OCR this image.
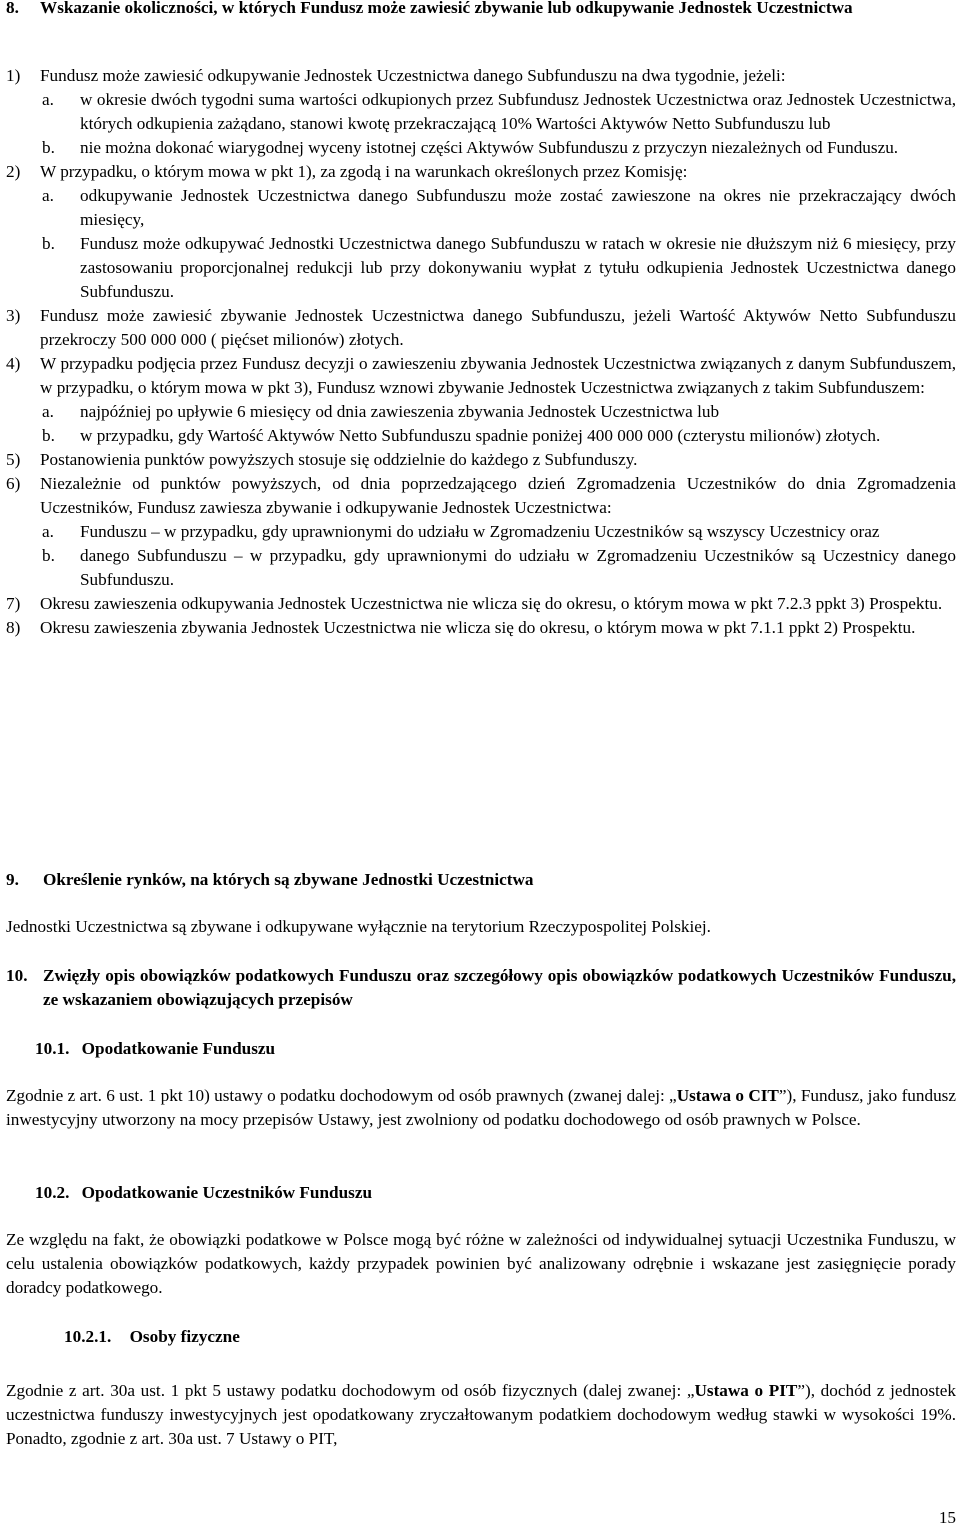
8.	Wskazanie okoliczności, w których Fundusz może zawiesić zbywanie lub odkupywanie Jednostek Uczestnictwa
1)	Fundusz może zawiesić odkupywanie Jednostek Uczestnictwa danego Subfunduszu na dwa tygodnie, jeżeli:
a.	w okresie dwóch tygodni suma wartości odkupionych przez Subfundusz Jednostek Uczestnictwa oraz Jednostek Uczestnictwa, których odkupienia zażądano, stanowi kwotę przekraczającą 10% Wartości Aktywów Netto Subfunduszu lub
b.	nie można dokonać wiarygodnej wyceny istotnej części Aktywów Subfunduszu z przyczyn niezależnych od Funduszu.
2)	W przypadku, o którym mowa w pkt 1), za zgodą i na warunkach określonych przez Komisję:
a.	odkupywanie Jednostek Uczestnictwa danego Subfunduszu może zostać zawieszone na okres nie przekraczający dwóch miesięcy,
b.	Fundusz może odkupywać Jednostki Uczestnictwa danego Subfunduszu w ratach w okresie nie dłuższym niż 6 miesięcy, przy zastosowaniu proporcjonalnej redukcji lub przy dokonywaniu wypłat z tytułu odkupienia Jednostek Uczestnictwa danego Subfunduszu.
3)	Fundusz może zawiesić zbywanie Jednostek Uczestnictwa danego Subfunduszu, jeżeli Wartość Aktywów Netto Subfunduszu przekroczy 500 000 000 ( pięćset milionów) złotych.
4)	W przypadku podjęcia przez Fundusz decyzji o zawieszeniu zbywania Jednostek Uczestnictwa związanych z danym Subfunduszem, w przypadku, o którym mowa w pkt 3), Fundusz wznowi zbywanie Jednostek Uczestnictwa związanych z takim Subfunduszem:
a.	najpóźniej po upływie 6 miesięcy od dnia zawieszenia zbywania Jednostek Uczestnictwa lub
b.	w przypadku, gdy Wartość Aktywów Netto Subfunduszu spadnie poniżej 400 000 000 (czterystu milionów) złotych.
5)	Postanowienia punktów powyższych stosuje się oddzielnie do każdego z Subfunduszy.
6)	Niezależnie od punktów powyższych, od dnia poprzedzającego dzień Zgromadzenia Uczestników do dnia Zgromadzenia Uczestników, Fundusz zawiesza zbywanie i odkupywanie Jednostek Uczestnictwa:
a.	Funduszu – w przypadku, gdy uprawnionymi do udziału w Zgromadzeniu Uczestników są wszyscy Uczestnicy oraz
b.	danego Subfunduszu – w przypadku, gdy uprawnionymi do udziału w Zgromadzeniu Uczestników są Uczestnicy danego Subfunduszu.
7)	Okresu zawieszenia odkupywania Jednostek Uczestnictwa nie wlicza się do okresu, o którym mowa w pkt 7.2.3 ppkt 3) Prospektu.
8)	Okresu zawieszenia zbywania Jednostek Uczestnictwa nie wlicza się do okresu, o którym mowa w pkt 7.1.1 ppkt 2) Prospektu.
9. Określenie rynków, na których są zbywane Jednostki Uczestnictwa
Jednostki Uczestnictwa są zbywane i odkupywane wyłącznie na terytorium Rzeczypospolitej Polskiej.
10. Zwięzły opis obowiązków podatkowych Funduszu oraz szczegółowy opis obowiązków podatkowych Uczestników Funduszu, ze wskazaniem obowiązujących przepisów
10.1. Opodatkowanie Funduszu
Zgodnie z art. 6 ust. 1 pkt 10) ustawy o podatku dochodowym od osób prawnych (zwanej dalej: „Ustawa o CIT”), Fundusz, jako fundusz inwestycyjny utworzony na mocy przepisów Ustawy, jest zwolniony od podatku dochodowego od osób prawnych w Polsce.
10.2. Opodatkowanie Uczestników Funduszu
Ze względu na fakt, że obowiązki podatkowe w Polsce mogą być różne w zależności od indywidualnej sytuacji Uczestnika Funduszu, w celu ustalenia obowiązków podatkowych, każdy przypadek powinien być analizowany odrębnie i wskazane jest zasięgnięcie porady doradcy podatkowego.
10.2.1. Osoby fizyczne
Zgodnie z art. 30a ust. 1 pkt 5 ustawy podatku dochodowym od osób fizycznych (dalej zwanej: „Ustawa o PIT”), dochód z jednostek uczestnictwa funduszy inwestycyjnych jest opodatkowany zryczałtowanym podatkiem dochodowym według stawki w wysokości 19%. Ponadto, zgodnie z art. 30a ust. 7 Ustawy o PIT,
15
